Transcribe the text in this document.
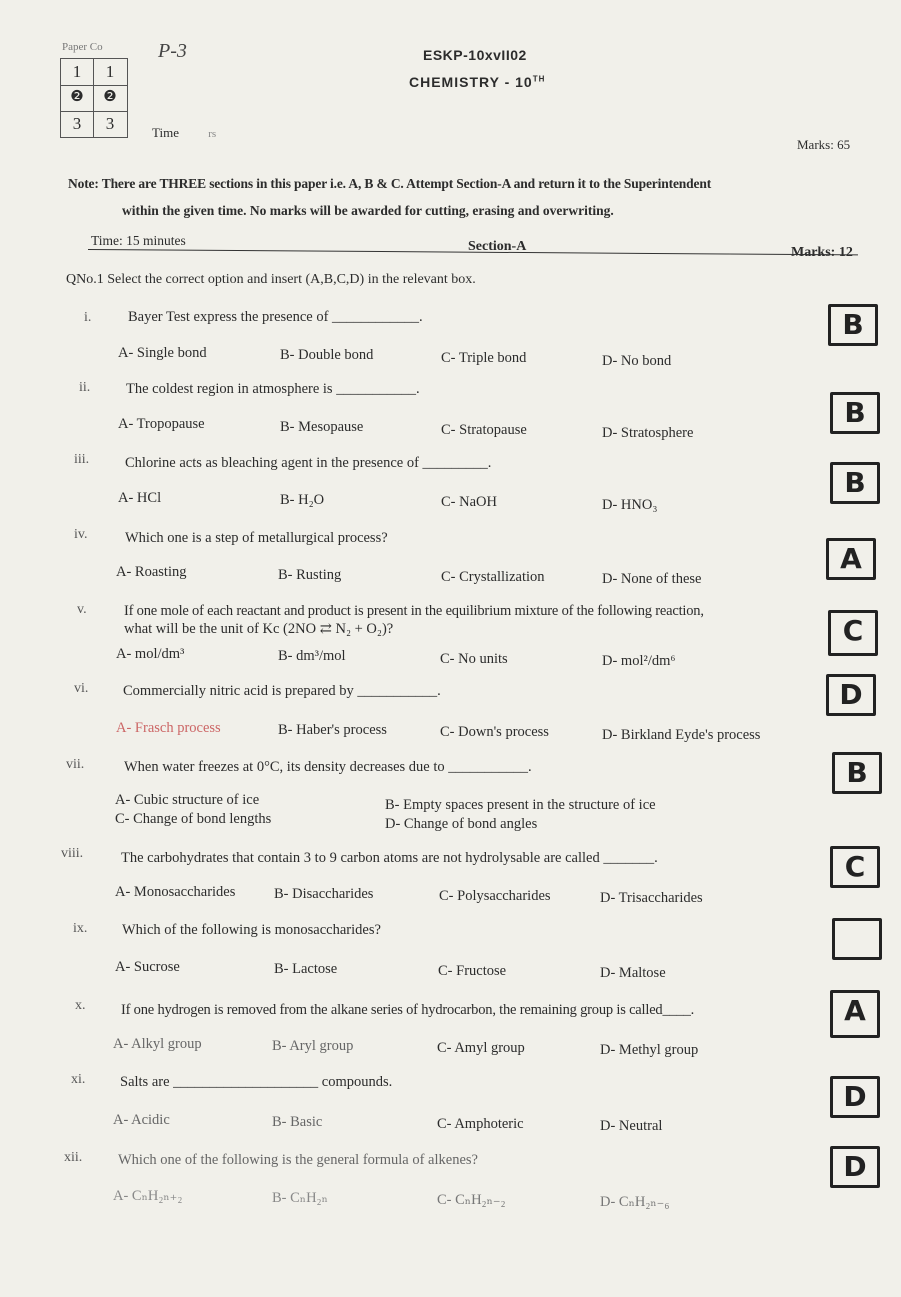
Paper Co	P-3
1	1
❷	❷
3	3
ESKP-10xvII02
CHEMISTRY - 10TH
Time	rs
Marks: 65
Note: There are THREE sections in this paper i.e. A, B & C. Attempt Section-A and return it to the Superintendent
within the given time. No marks will be awarded for cutting, erasing and overwriting.
Time: 15 minutes	Section-A	Marks: 12
QNo.1 Select the correct option and insert (A,B,C,D) in the relevant box.

i.	Bayer Test express the presence of ____________.
A- Single bond	B- Double bond	C- Triple bond	D- No bond
B
ii. The coldest region in atmosphere is ___________.
A- Tropopause	B- Mesopause	C- Stratopause	D- Stratosphere
B
iii. Chlorine acts as bleaching agent in the presence of _________.
A- HCl	B- H₂O	C- NaOH	D- HNO₃
B
iv.	Which one is a step of metallurgical process?
A- Roasting	B- Rusting	C- Crystallization	D- None of these
A
v.	If one mole of each reactant and product is present in the equilibrium mixture of the following reaction,
what will be the unit of Kc (2NO ⇄ N₂ + O₂)?
A- mol/dm³	B- dm³/mol	C- No units	D- mol²/dm⁶
C
vi. Commercially nitric acid is prepared by ___________.
A- Frasch process	B- Haber's process	C- Down's process	D- Birkland Eyde's process
D
vii.	When water freezes at 0°C, its density decreases due to ___________.
A- Cubic structure of ice	B- Empty spaces present in the structure of ice
C- Change of bond lengths	D- Change of bond angles
B
viii.	The carbohydrates that contain 3 to 9 carbon atoms are not hydrolysable are called _______.
A- Monosaccharides	B- Disaccharides	C- Polysaccharides	D- Trisaccharides
C
ix. Which of the following is monosaccharides?
A- Sucrose	B- Lactose	C- Fructose	D- Maltose
x. If one hydrogen is removed from the alkane series of hydrocarbon, the remaining group is called____.
A- Alkyl group	B- Aryl group	C- Amyl group	D- Methyl group
A
xi. Salts are ____________________ compounds.
A- Acidic	B- Basic	C- Amphoteric	D- Neutral
D
xii. Which one of the following is the general formula of alkenes?
A- CₙH₂ₙ₊₂	B- CₙH₂ₙ	C- CₙH₂ₙ₋₂	D- CₙH₂ₙ₋₆
D
